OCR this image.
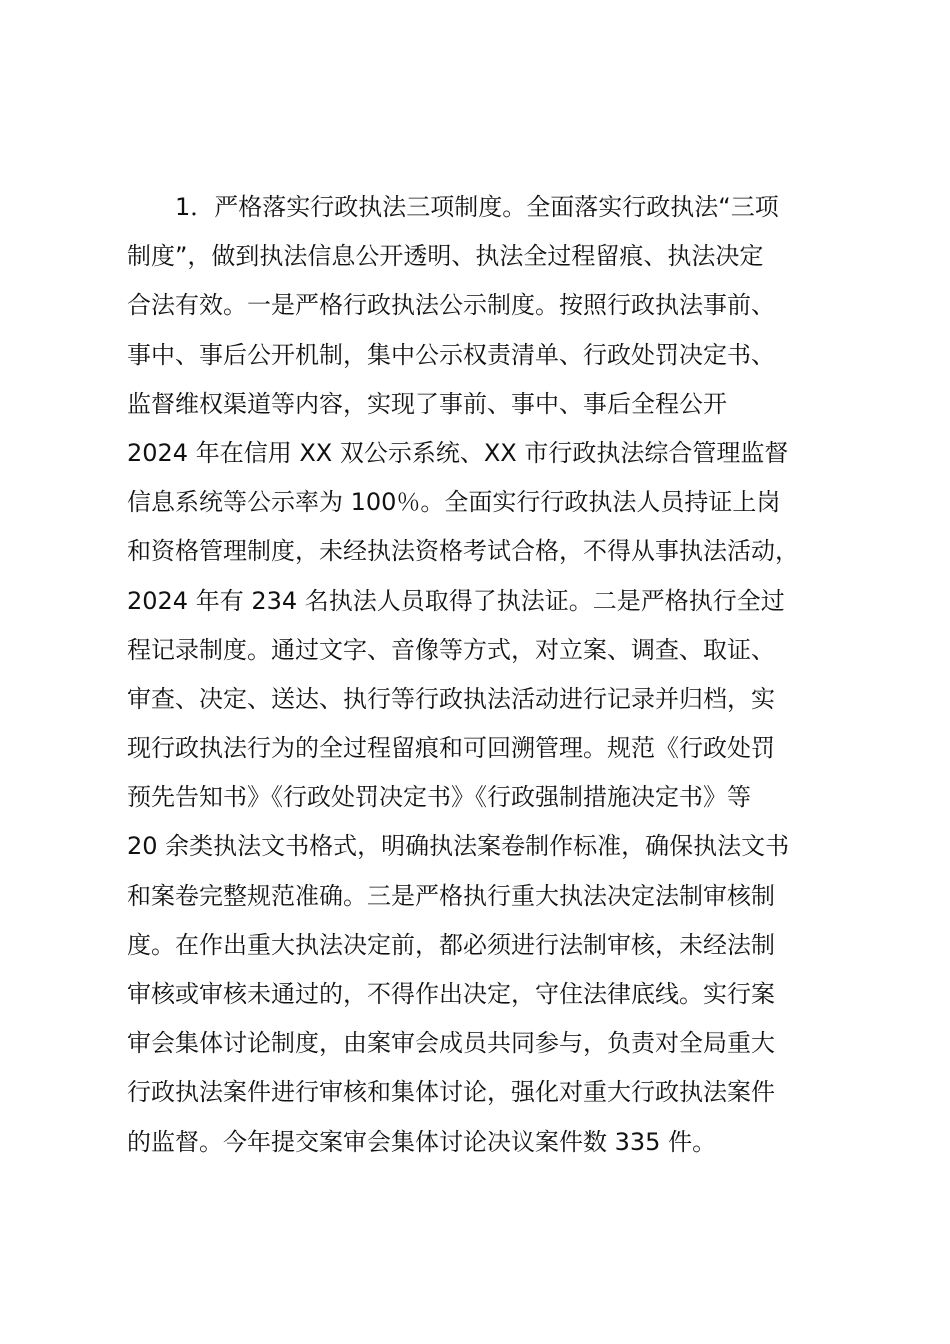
1．严格落实行政执法三项制度。全面落实行政执法“三项
制度”，做到执法信息公开透明、执法全过程留痕、执法决定
合法有效。一是严格行政执法公示制度。按照行政执法事前、
事中、事后公开机制，集中公示权责清单、行政处罚决定书、
监督维权渠道等内容，实现了事前、事中、事后全程公开
2024 年在信用 XX 双公示系统、XX 市行政执法综合管理监督
信息系统等公示率为 100％。全面实行行政执法人员持证上岗
和资格管理制度，未经执法资格考试合格，不得从事执法活动，
2024 年有 234 名执法人员取得了执法证。二是严格执行全过
程记录制度。通过文字、音像等方式，对立案、调查、取证、
审查、决定、送达、执行等行政执法活动进行记录并归档，实
现行政执法行为的全过程留痕和可回溯管理。规范《行政处罚
预先告知书》《行政处罚决定书》《行政强制措施决定书》等
20 余类执法文书格式，明确执法案卷制作标准，确保执法文书
和案卷完整规范准确。三是严格执行重大执法决定法制审核制
度。在作出重大执法决定前，都必须进行法制审核，未经法制
审核或审核未通过的，不得作出决定，守住法律底线。实行案
审会集体讨论制度，由案审会成员共同参与，负责对全局重大
行政执法案件进行审核和集体讨论，强化对重大行政执法案件
的监督。今年提交案审会集体讨论决议案件数 335 件。
